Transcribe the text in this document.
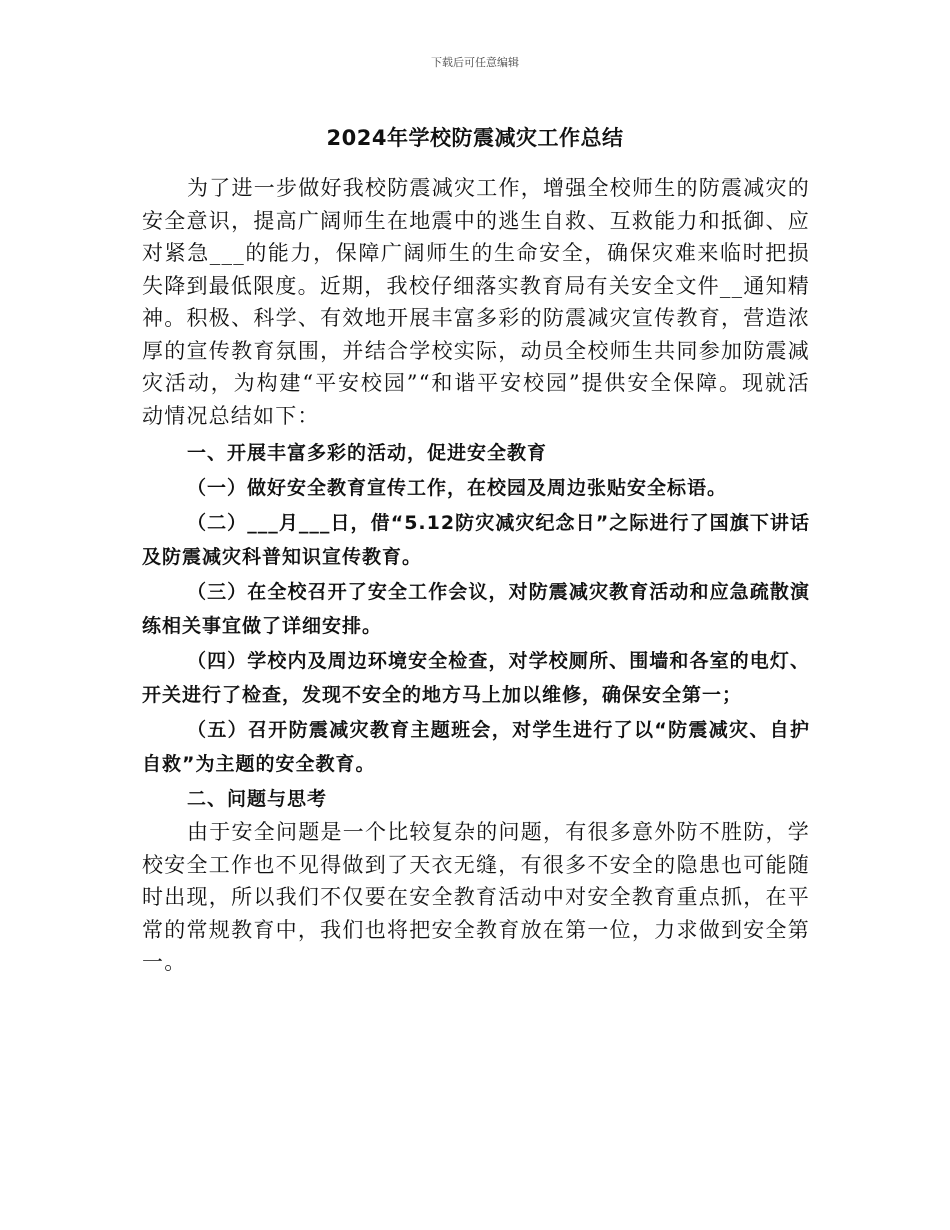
下载后可任意编辑
2024年学校防震减灾工作总结

为了进一步做好我校防震减灾工作，增强全校师生的防震减灾的安全意识，提高广阔师生在地震中的逃生自救、互救能力和抵御、应对紧急___的能力，保障广阔师生的生命安全，确保灾难来临时把损失降到最低限度。近期，我校仔细落实教育局有关安全文件__通知精神。积极、科学、有效地开展丰富多彩的防震减灾宣传教育，营造浓厚的宣传教育氛围，并结合学校实际，动员全校师生共同参加防震减灾活动，为构建“平安校园”“和谐平安校园”提供安全保障。现就活动情况总结如下：

一、开展丰富多彩的活动，促进安全教育

（一）做好安全教育宣传工作，在校园及周边张贴安全标语。

（二）___月___日，借“5.12防灾减灾纪念日”之际进行了国旗下讲话及防震减灾科普知识宣传教育。

（三）在全校召开了安全工作会议，对防震减灾教育活动和应急疏散演练相关事宜做了详细安排。

（四）学校内及周边环境安全检查，对学校厕所、围墙和各室的电灯、开关进行了检查，发现不安全的地方马上加以维修，确保安全第一；

（五）召开防震减灾教育主题班会，对学生进行了以“防震减灾、自护自救”为主题的安全教育。

二、问题与思考

由于安全问题是一个比较复杂的问题，有很多意外防不胜防，学校安全工作也不见得做到了天衣无缝，有很多不安全的隐患也可能随时出现，所以我们不仅要在安全教育活动中对安全教育重点抓，在平常的常规教育中，我们也将把安全教育放在第一位，力求做到安全第一。
